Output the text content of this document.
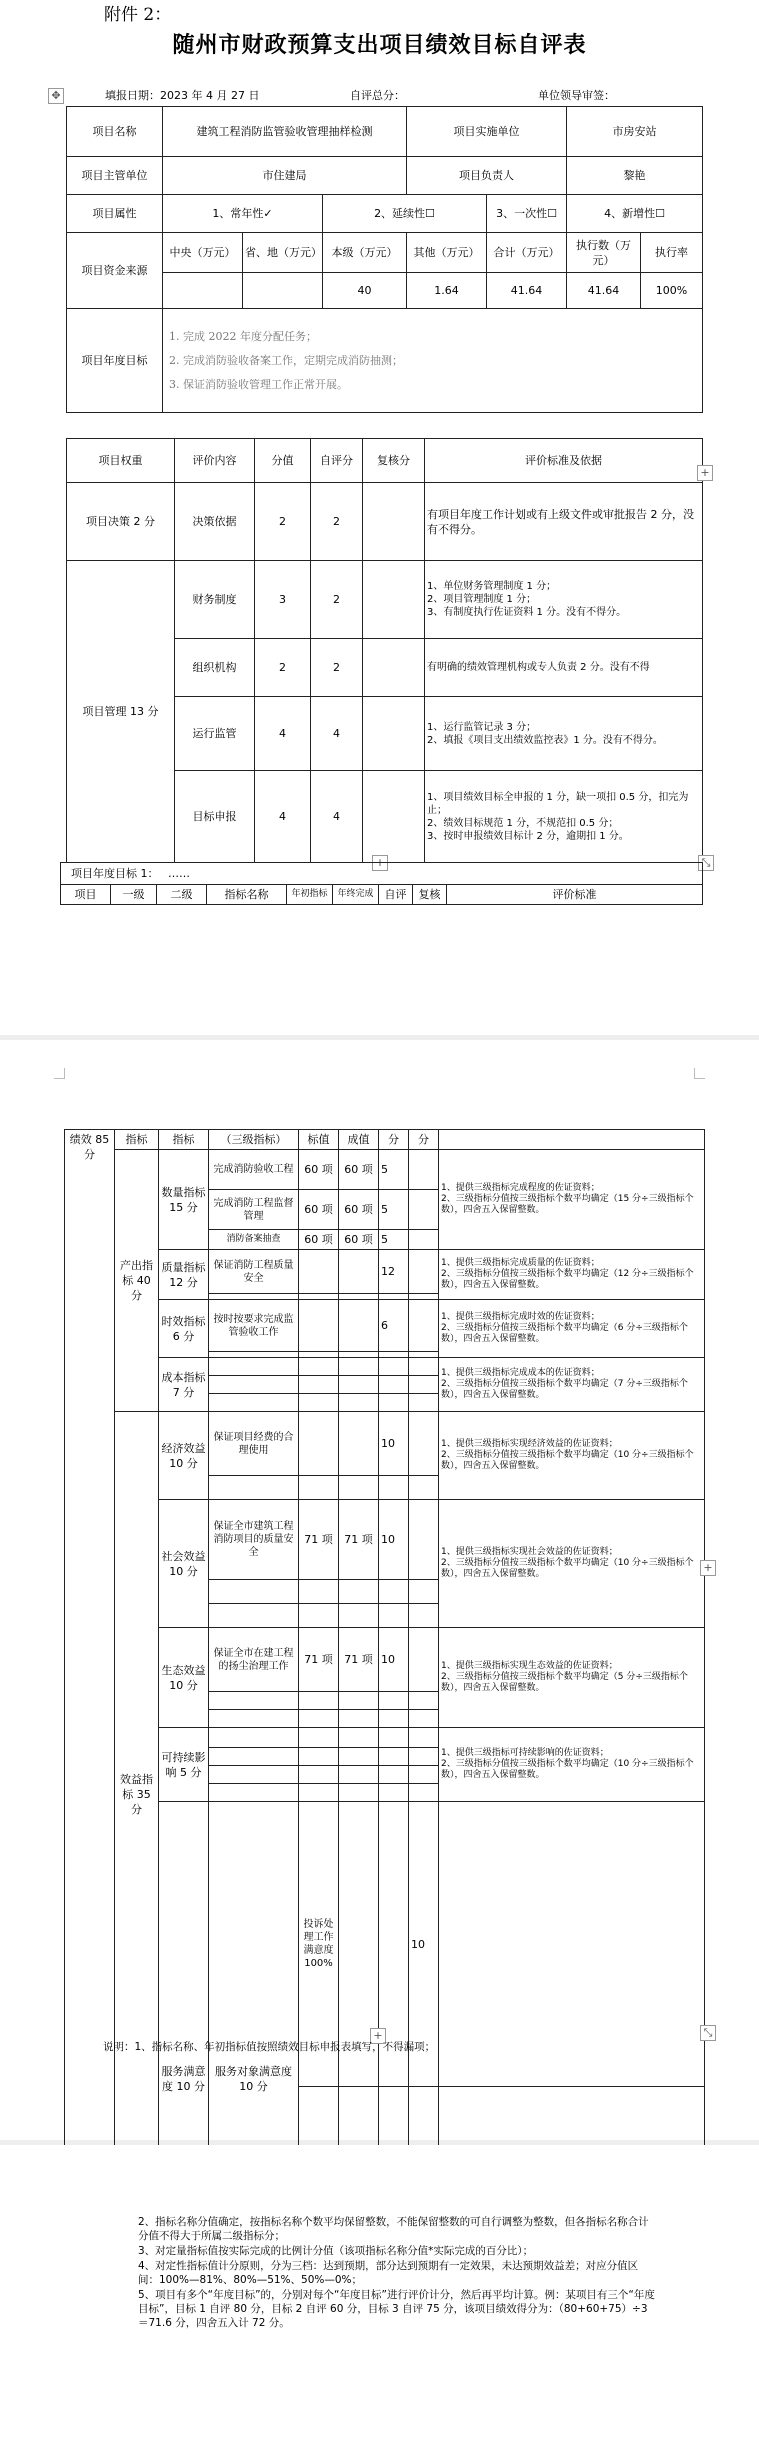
附件 2：
随州市财政预算支出项目绩效目标自评表
✥	填报日期：2023 年 4 月 27 日	自评总分：	单位领导审签：
项目名称	建筑工程消防监管验收管理抽样检测			项目实施单位		市房安站	
项目主管单位	市住建局			项目负责人		黎艳	
项目属性	1、常年性✓		2、延续性☐		3、一次性☐	4、新增性☐	
项目资金来源	中央（万元）	省、地（万元）	本级（万元）	其他（万元）	合计（万元）	执行数（万元）	执行率
			40	1.64	41.64	41.64	100%
项目年度目标	1. 完成 2022 年度分配任务；
2. 完成消防验收备案工作，定期完成消防抽测；
3. 保证消防验收管理工作正常开展。						
项目权重	评价内容	分值	自评分	复核分	评价标准及依据
项目决策 2 分	决策依据	2	2		有项目年度工作计划或有上级文件或审批报告 2 分，没有不得分。
项目管理 13 分	财务制度	3	2		1、单位财务管理制度 1 分；
2、项目管理制度 1 分；
3、有制度执行佐证资料 1 分。没有不得分。

	组织机构	2	2		有明确的绩效管理机构或专人负责 2 分。没有不得

	运行监管	4	4		1、运行监管记录 3 分；
2、填报《项目支出绩效监控表》1 分。没有不得分。

	目标申报	4	4		1、项目绩效目标全申报的 1 分，缺一项扣 0.5 分，扣完为止；
2、绩效目标规范 1 分，不规范扣 0.5 分；
3、按时申报绩效目标计 2 分，逾期扣 1 分。
+
+	⤡
项目年度目标 1： ……
项目	一级	二级	指标名称	年初指标	年终完成	自评	复核	评价标准
绩效 85 分	指标	指标	（三级指标）	标值	成值	分	分		
	产出指标 40 分	数量指标 15 分	完成消防验收工程	60 项	60 项	5		1、提供三级指标完成程度的佐证资料；
2、三级指标分值按三级指标个数平均确定（15 分÷三级指标个数），四舍五入保留整数。	

			完成消防工程监督管理	60 项	60 项	5			
			消防备案抽查	60 项	60 项	5			
		质量指标 12 分	保证消防工程质量安全			12		1、提供三级指标完成质量的佐证资料；
2、三级指标分值按三级指标个数平均确定（12 分÷三级指标个数），四舍五入保留整数。	

		时效指标 6 分	按时按要求完成监管验收工作			6		1、提供三级指标完成时效的佐证资料；
2、三级指标分值按三级指标个数平均确定（6 分÷三级指标个数），四舍五入保留整数。	

		成本指标 7 分						1、提供三级指标完成成本的佐证资料；
2、三级指标分值按三级指标个数平均确定（7 分÷三级指标个数），四舍五入保留整数。	

	效益指标 35 分	经济效益 10 分	保证项目经费的合理使用			10		1、提供三级指标实现经济效益的佐证资料；
2、三级指标分值按三级指标个数平均确定（10 分÷三级指标个数），四舍五入保留整数。	

		社会效益 10 分	保证全市建筑工程消防项目的质量安全	71 项	71 项	10		1、提供三级指标实现社会效益的佐证资料；
2、三级指标分值按三级指标个数平均确定（10 分÷三级指标个数），四舍五入保留整数。	

		生态效益 10 分	保证全市在建工程的扬尘治理工作	71 项	71 项	10		1、提供三级指标实现生态效益的佐证资料；
2、三级指标分值按三级指标个数平均确定（5 分÷三级指标个数），四舍五入保留整数。	

		可持续影响 5 分						1、提供三级指标可持续影响的佐证资料；
2、三级指标分值按三级指标个数平均确定（10 分÷三级指标个数），四舍五入保留整数。	

		服务满意度 10 分	服务对象满意度 10 分	投诉处理工作满意度 100%			10		

+
+	⤡
说明：1、指标名称、年初指标值按照绩效目标申报表填写，不得漏项；
2、指标名称分值确定，按指标名称个数平均保留整数，不能保留整数的可自行调整为整数，但各指标名称合计分值不得大于所属二级指标分；
3、对定量指标值按实际完成的比例计分值（该项指标名称分值*实际完成的百分比）；
4、对定性指标值计分原则，分为三档：达到预期，部分达到预期有一定效果，未达预期效益差；对应分值区间：100%—81%、80%—51%、50%—0%；
5、项目有多个“年度目标”的，分别对每个“年度目标”进行评价计分，然后再平均计算。例：某项目有三个“年度目标”，目标 1 自评 80 分，目标 2 自评 60 分，目标 3 自评 75 分，该项目绩效得分为：（80+60+75）÷3＝71.6 分，四舍五入计 72 分。
